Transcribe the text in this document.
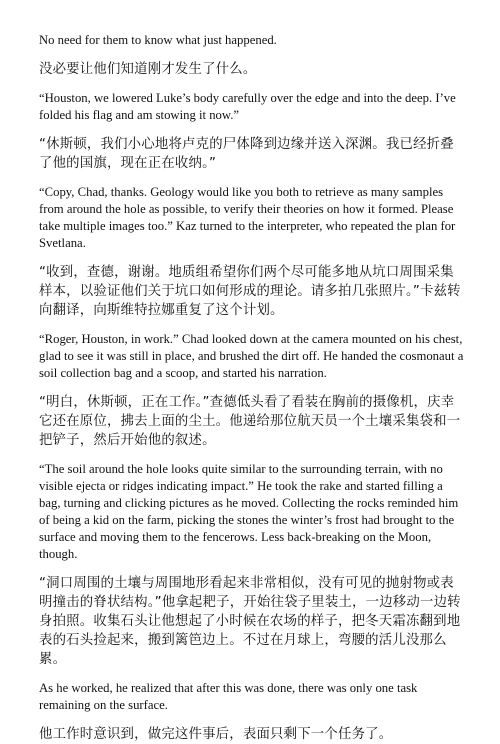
No need for them to know what just happened.

没必要让他们知道刚才发生了什么。

“Houston, we lowered Luke’s body carefully over the edge and into the deep. I’ve folded his flag and am stowing it now.”

“休斯顿，我们小心地将卢克的尸体降到边缘并送入深渊。我已经折叠了他的国旗，现在正在收纳。”

“Copy, Chad, thanks. Geology would like you both to retrieve as many samples from around the hole as possible, to verify their theories on how it formed. Please take multiple images too.” Kaz turned to the interpreter, who repeated the plan for Svetlana.

“收到，查德，谢谢。地质组希望你们两个尽可能多地从坑口周围采集样本，以验证他们关于坑口如何形成的理论。请多拍几张照片。”卡兹转向翻译，向斯维特拉娜重复了这个计划。

“Roger, Houston, in work.” Chad looked down at the camera mounted on his chest, glad to see it was still in place, and brushed the dirt off. He handed the cosmonaut a soil collection bag and a scoop, and started his narration.

“明白，休斯顿，正在工作。”查德低头看了看装在胸前的摄像机，庆幸它还在原位，拂去上面的尘土。他递给那位航天员一个土壤采集袋和一把铲子，然后开始他的叙述。

“The soil around the hole looks quite similar to the surrounding terrain, with no visible ejecta or ridges indicating impact.” He took the rake and started filling a bag, turning and clicking pictures as he moved. Collecting the rocks reminded him of being a kid on the farm, picking the stones the winter’s frost had brought to the surface and moving them to the fencerows. Less back-breaking on the Moon, though.

“洞口周围的土壤与周围地形看起来非常相似，没有可见的抛射物或表明撞击的脊状结构。”他拿起耙子，开始往袋子里装土，一边移动一边转身拍照。收集石头让他想起了小时候在农场的样子，把冬天霜冻翻到地表的石头捡起来，搬到篱笆边上。不过在月球上，弯腰的活儿没那么累。

As he worked, he realized that after this was done, there was only one task remaining on the surface.

他工作时意识到，做完这件事后，表面只剩下一个任务了。
